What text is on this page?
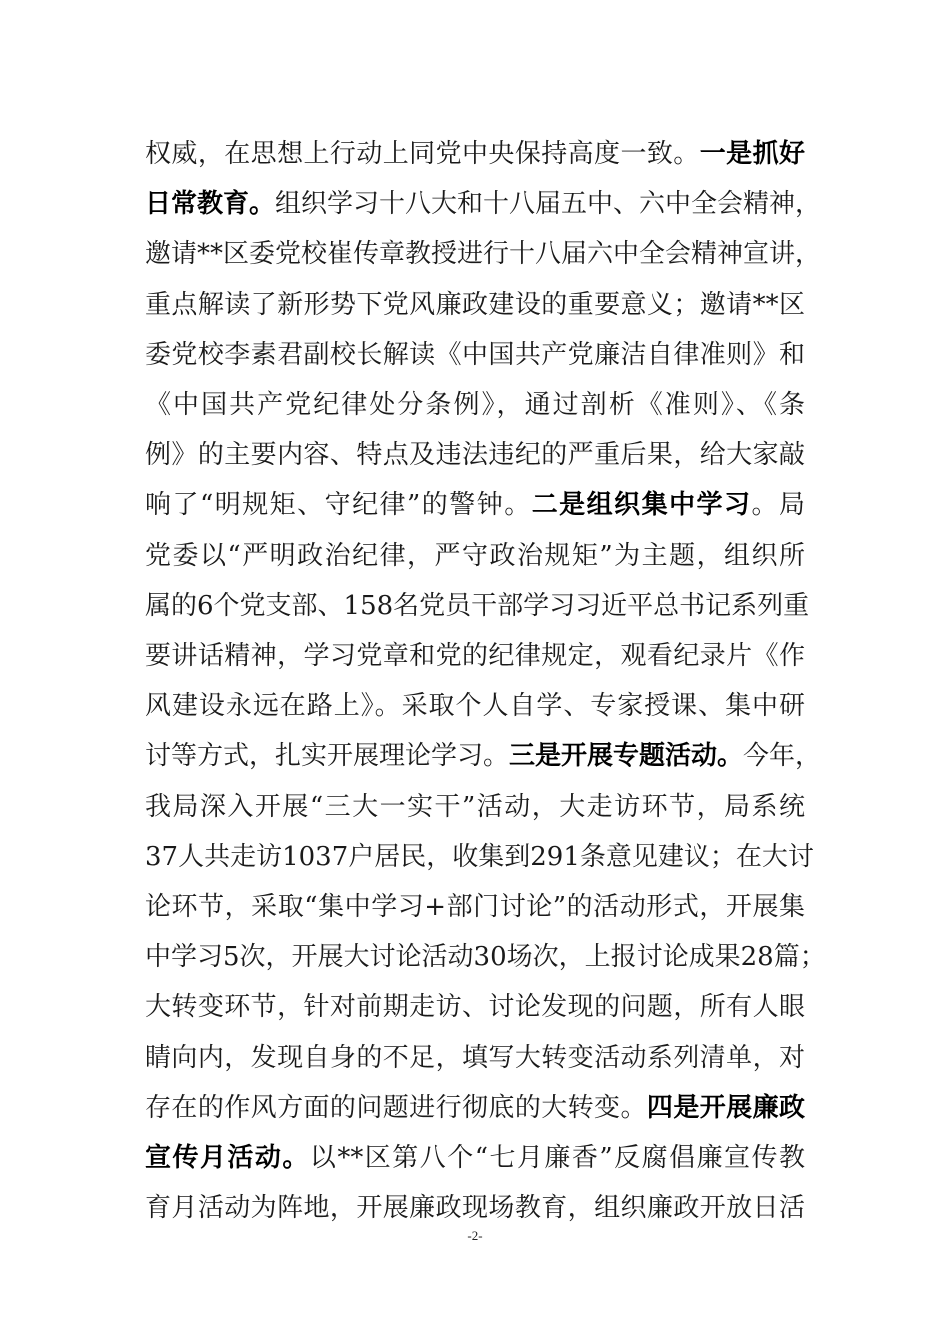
权威，在思想上行动上同党中央保持高度一致。一是抓好
日常教育。组织学习十八大和十八届五中、六中全会精神，
邀请**区委党校崔传章教授进行十八届六中全会精神宣讲，
重点解读了新形势下党风廉政建设的重要意义；邀请**区
委党校李素君副校长解读《中国共产党廉洁自律准则》和
《中国共产党纪律处分条例》，通过剖析《准则》、《条
例》的主要内容、特点及违法违纪的严重后果，给大家敲
响了“明规矩、守纪律”的警钟。二是组织集中学习。局
党委以“严明政治纪律，严守政治规矩”为主题，组织所
属的6个党支部、158名党员干部学习习近平总书记系列重
要讲话精神，学习党章和党的纪律规定，观看纪录片《作
风建设永远在路上》。采取个人自学、专家授课、集中研
讨等方式，扎实开展理论学习。三是开展专题活动。今年，
我局深入开展“三大一实干”活动，大走访环节，局系统
37人共走访1037户居民，收集到291条意见建议；在大讨
论环节，采取“集中学习+部门讨论”的活动形式，开展集
中学习5次，开展大讨论活动30场次，上报讨论成果28篇；
大转变环节，针对前期走访、讨论发现的问题，所有人眼
睛向内，发现自身的不足，填写大转变活动系列清单，对
存在的作风方面的问题进行彻底的大转变。四是开展廉政
宣传月活动。以**区第八个“七月廉香”反腐倡廉宣传教
育月活动为阵地，开展廉政现场教育，组织廉政开放日活
-2-
